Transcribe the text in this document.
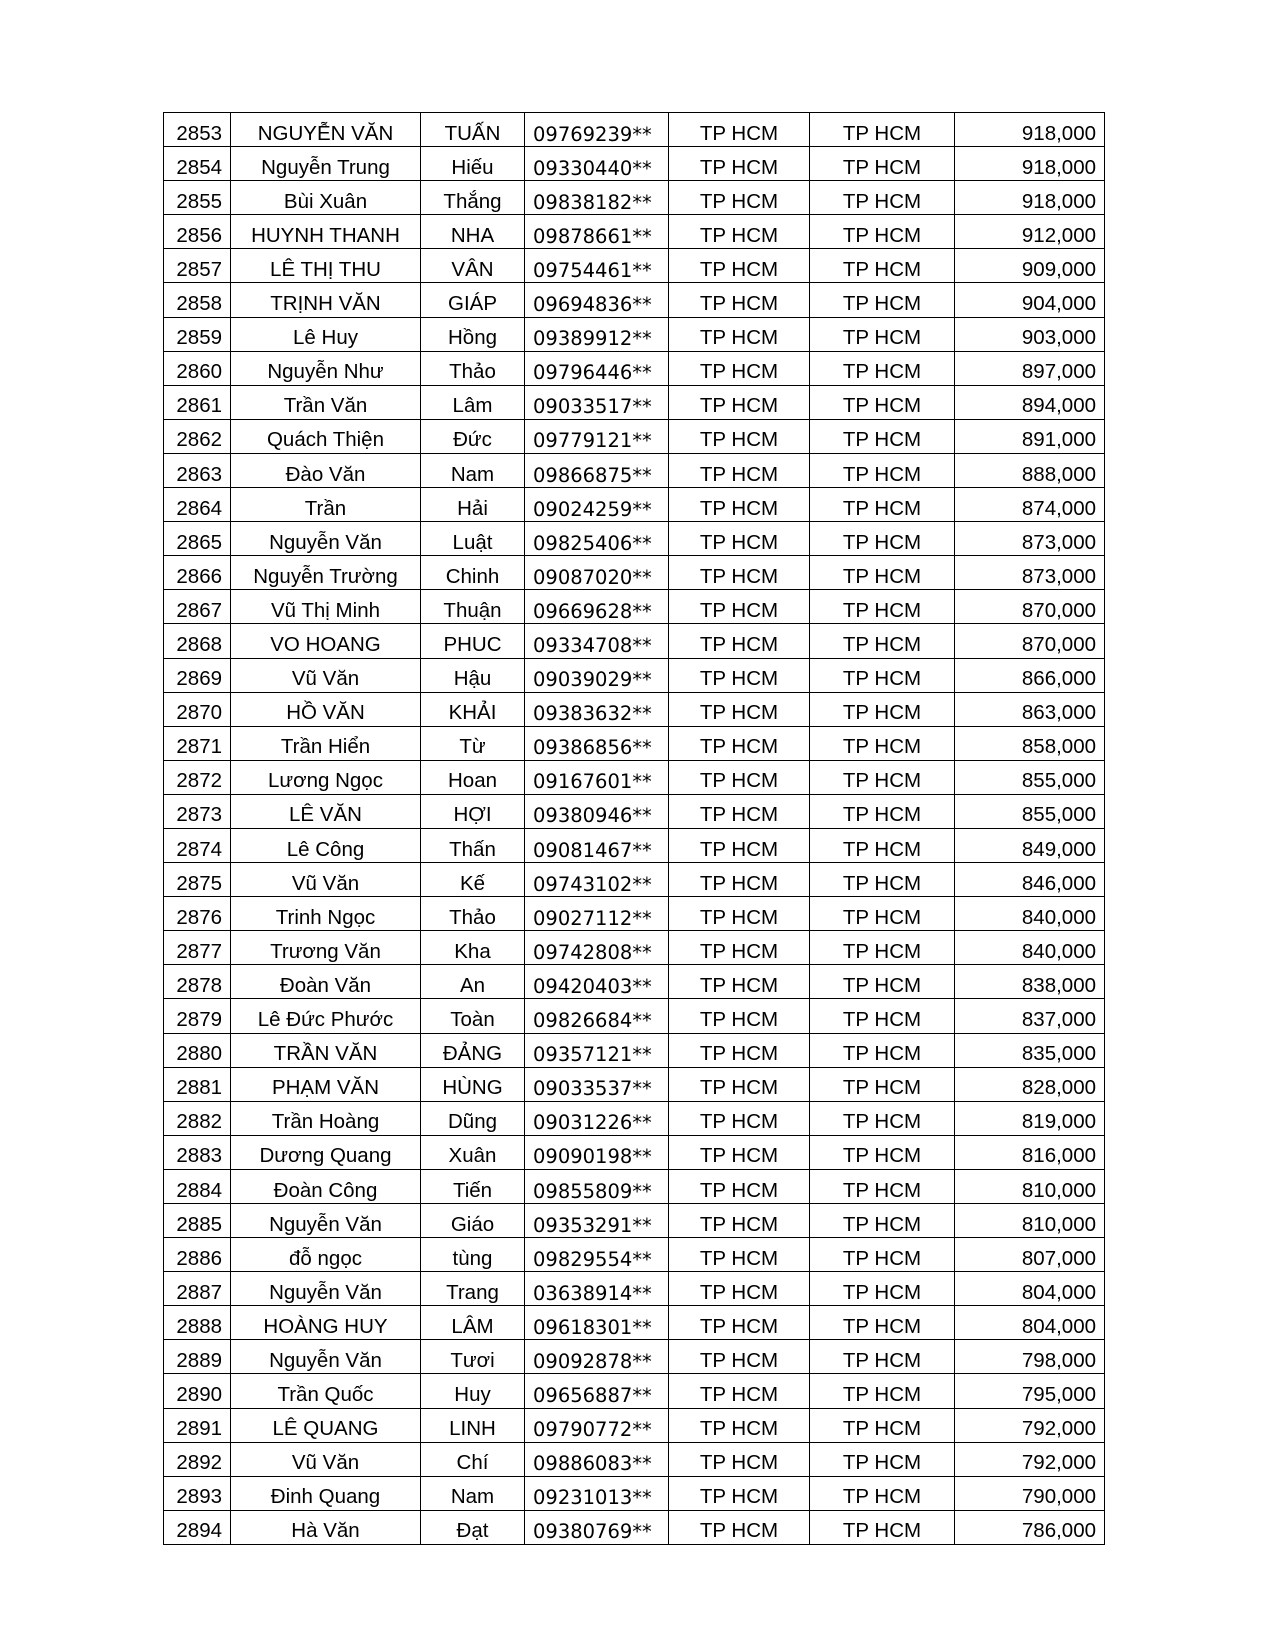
2853	NGUYỄN VĂN	TUẤN	09769239**	TP HCM	TP HCM	918,000
2854	Nguyễn Trung	Hiếu	09330440**	TP HCM	TP HCM	918,000
2855	Bùi Xuân	Thắng	09838182**	TP HCM	TP HCM	918,000
2856	HUYNH THANH	NHA	09878661**	TP HCM	TP HCM	912,000
2857	LÊ THỊ THU	VÂN	09754461**	TP HCM	TP HCM	909,000
2858	TRỊNH VĂN	GIÁP	09694836**	TP HCM	TP HCM	904,000
2859	Lê Huy	Hồng	09389912**	TP HCM	TP HCM	903,000
2860	Nguyễn Như	Thảo	09796446**	TP HCM	TP HCM	897,000
2861	Trần Văn	Lâm	09033517**	TP HCM	TP HCM	894,000
2862	Quách Thiện	Đức	09779121**	TP HCM	TP HCM	891,000
2863	Đào Văn	Nam	09866875**	TP HCM	TP HCM	888,000
2864	Trần	Hải	09024259**	TP HCM	TP HCM	874,000
2865	Nguyễn Văn	Luật	09825406**	TP HCM	TP HCM	873,000
2866	Nguyễn Trường	Chinh	09087020**	TP HCM	TP HCM	873,000
2867	Vũ Thị Minh	Thuận	09669628**	TP HCM	TP HCM	870,000
2868	VO HOANG	PHUC	09334708**	TP HCM	TP HCM	870,000
2869	Vũ Văn	Hậu	09039029**	TP HCM	TP HCM	866,000
2870	HỒ VĂN	KHẢI	09383632**	TP HCM	TP HCM	863,000
2871	Trần Hiển	Từ	09386856**	TP HCM	TP HCM	858,000
2872	Lương Ngọc	Hoan	09167601**	TP HCM	TP HCM	855,000
2873	LÊ VĂN	HỢI	09380946**	TP HCM	TP HCM	855,000
2874	Lê Công	Thấn	09081467**	TP HCM	TP HCM	849,000
2875	Vũ Văn	Kế	09743102**	TP HCM	TP HCM	846,000
2876	Trinh Ngọc	Thảo	09027112**	TP HCM	TP HCM	840,000
2877	Trương Văn	Kha	09742808**	TP HCM	TP HCM	840,000
2878	Đoàn Văn	An	09420403**	TP HCM	TP HCM	838,000
2879	Lê Đức Phước	Toàn	09826684**	TP HCM	TP HCM	837,000
2880	TRẦN VĂN	ĐẢNG	09357121**	TP HCM	TP HCM	835,000
2881	PHẠM VĂN	HÙNG	09033537**	TP HCM	TP HCM	828,000
2882	Trần Hoàng	Dũng	09031226**	TP HCM	TP HCM	819,000
2883	Dương Quang	Xuân	09090198**	TP HCM	TP HCM	816,000
2884	Đoàn Công	Tiến	09855809**	TP HCM	TP HCM	810,000
2885	Nguyễn Văn	Giáo	09353291**	TP HCM	TP HCM	810,000
2886	đỗ ngọc	tùng	09829554**	TP HCM	TP HCM	807,000
2887	Nguyễn Văn	Trang	03638914**	TP HCM	TP HCM	804,000
2888	HOÀNG HUY	LÂM	09618301**	TP HCM	TP HCM	804,000
2889	Nguyễn Văn	Tươi	09092878**	TP HCM	TP HCM	798,000
2890	Trần Quốc	Huy	09656887**	TP HCM	TP HCM	795,000
2891	LÊ QUANG	LINH	09790772**	TP HCM	TP HCM	792,000
2892	Vũ Văn	Chí	09886083**	TP HCM	TP HCM	792,000
2893	Đinh Quang	Nam	09231013**	TP HCM	TP HCM	790,000
2894	Hà Văn	Đạt	09380769**	TP HCM	TP HCM	786,000
